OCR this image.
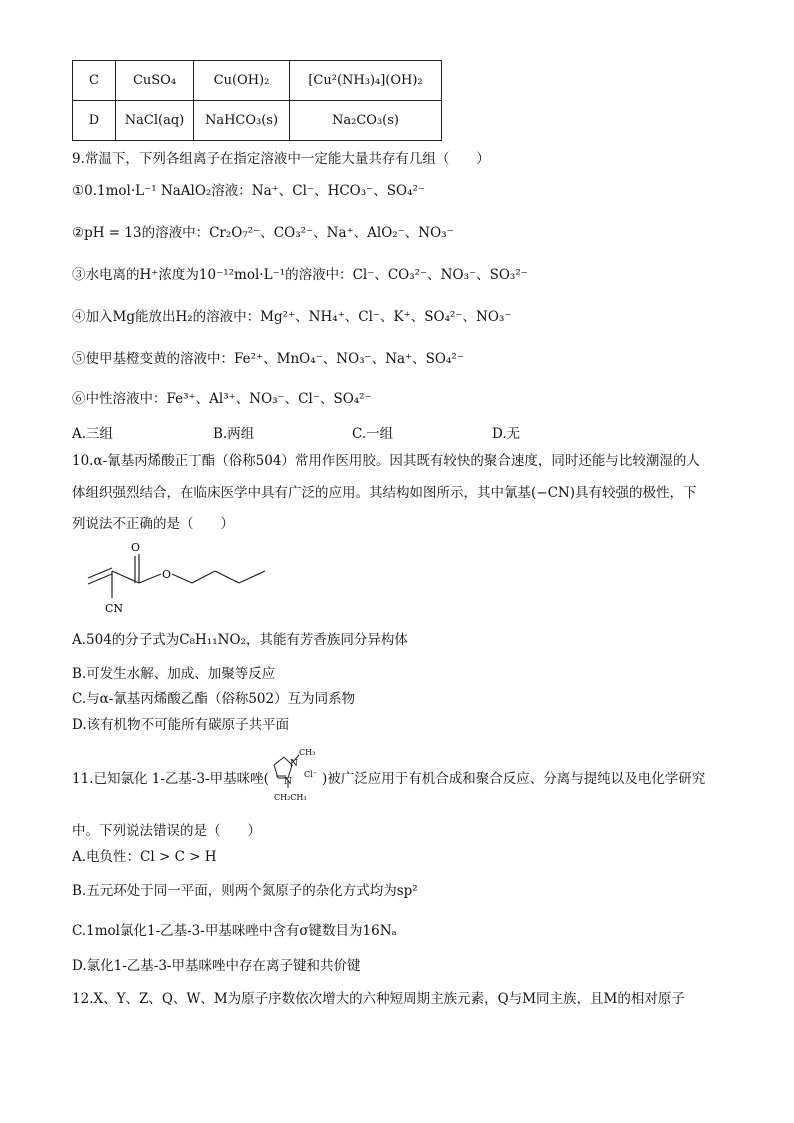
C	CuSO₄	Cu(OH)₂	[Cu²(NH₃)₄](OH)₂
D	NaCl(aq)	NaHCO₃(s)	Na₂CO₃(s)
9.常温下，下列各组离子在指定溶液中一定能大量共存有几组（　　）
①0.1mol·L⁻¹ NaAlO₂溶液：Na⁺、Cl⁻、HCO₃⁻、SO₄²⁻
②pH = 13的溶液中：Cr₂O₇²⁻、CO₃²⁻、Na⁺、AlO₂⁻、NO₃⁻
③水电离的H⁺浓度为10⁻¹²mol·L⁻¹的溶液中：Cl⁻、CO₃²⁻、NO₃⁻、SO₃²⁻
④加入Mg能放出H₂的溶液中：Mg²⁺、NH₄⁺、Cl⁻、K⁺、SO₄²⁻、NO₃⁻
⑤使甲基橙变黄的溶液中：Fe²⁺、MnO₄⁻、NO₃⁻、Na⁺、SO₄²⁻
⑥中性溶液中：Fe³⁺、Al³⁺、NO₃⁻、Cl⁻、SO₄²⁻
A.三组	B.两组	C.一组	D.无
10.α-氰基丙烯酸正丁酯（俗称504）常用作医用胶。因其既有较快的聚合速度，同时还能与比较潮湿的人
体组织强烈结合，在临床医学中具有广泛的应用。其结构如图所示，其中氰基(−CN)具有较强的极性，下
列说法不正确的是（　　）
O
O
CN
A.504的分子式为C₈H₁₁NO₂，其能有芳香族同分异构体
B.可发生水解、加成、加聚等反应
C.与α-氰基丙烯酸乙酯（俗称502）互为同系物
D.该有机物不可能所有碳原子共平面
11.已知氯化 1-乙基-3-甲基咪唑(
CH₃
N
N
Cl⁻
CH₂CH₃
)被广泛应用于有机合成和聚合反应、分离与提纯以及电化学研究
中。下列说法错误的是（　　）
A.电负性：Cl > C > H
B.五元环处于同一平面，则两个氮原子的杂化方式均为sp²
C.1mol氯化1-乙基-3-甲基咪唑中含有σ键数目为16Nₐ
D.氯化1-乙基-3-甲基咪唑中存在离子键和共价键
12.X、Y、Z、Q、W、M为原子序数依次增大的六种短周期主族元素，Q与M同主族，且M的相对原子
